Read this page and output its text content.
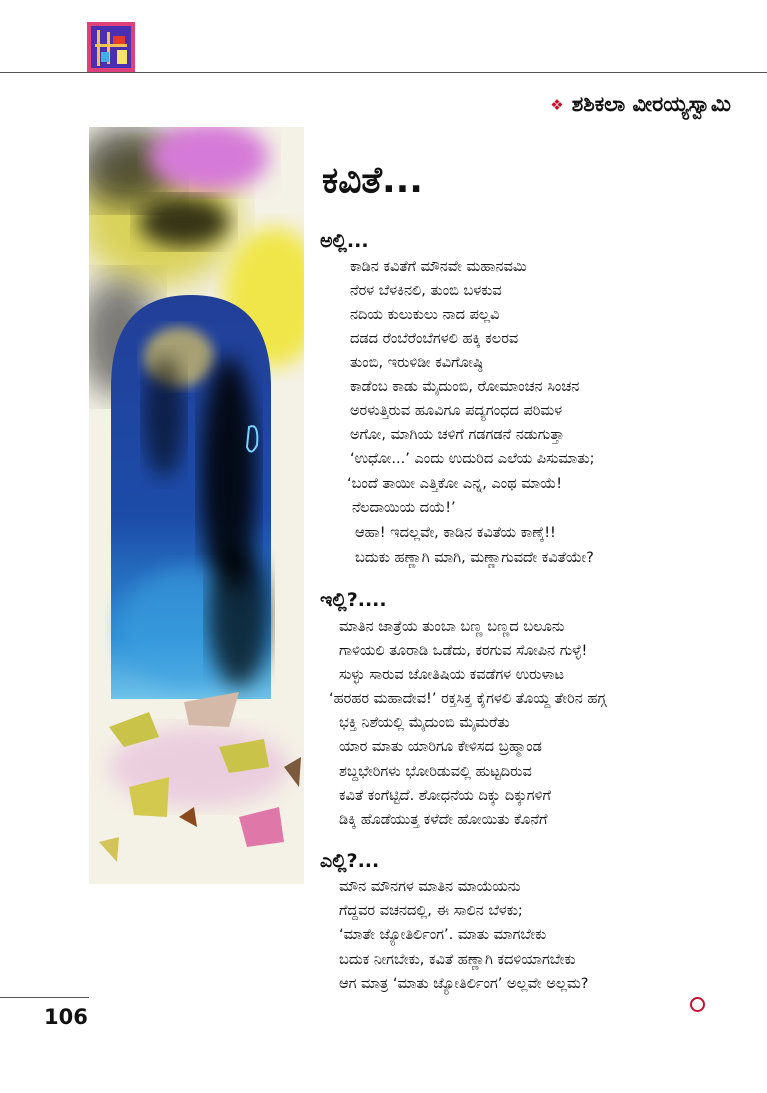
❖ ಶಶಿಕಲಾ ವೀರಯ್ಯಸ್ವಾಮಿ
ಕವಿತೆ...
ಅಲ್ಲಿ...
ಕಾಡಿನ ಕವಿತೆಗೆ ಮೌನವೇ ಮಹಾನವಮಿ
ನೆರಳ ಬೆಳಕಿನಲಿ, ತುಂಬಿ ಬಳಕುವ
ನದಿಯ ಕುಲುಕುಲು ನಾದ ಪಲ್ಲವಿ
ದಡದ ರೆಂಬೆರೆಂಬೆಗಳಲಿ ಹಕ್ಕಿ ಕಲರವ
ತುಂಬಿ, ಇರುಳಿಡೀ ಕವಿಗೋಷ್ಠಿ
ಕಾಡೆಂಬ ಕಾಡು ಮೈದುಂಬಿ, ರೋಮಾಂಚನ ಸಿಂಚನ
ಅರಳುತ್ತಿರುವ ಹೂವಿಗೂ ಪದ್ಯಗಂಧದ ಪರಿಮಳ
ಅಗೋ, ಮಾಗಿಯ ಚಳಿಗೆ ಗಡಗಡನೆ ನಡುಗುತ್ತಾ
‘ಉಧೋ...’ ಎಂದು ಉದುರಿದ ಎಲೆಯ ಪಿಸುಮಾತು;
‘ಬಂದೆ ತಾಯೀ ಎತ್ತಿಕೋ ಎನ್ನ, ಎಂಥ ಮಾಯೆ!
ನೆಲದಾಯಿಯ ದಯೆ!’
ಆಹಾ! ಇದಲ್ಲವೇ, ಕಾಡಿನ ಕವಿತೆಯ ಕಾಣ್ಕೆ!!
ಬದುಕು ಹಣ್ಣಾಗಿ ಮಾಗಿ, ಮಣ್ಣಾಗುವದೇ ಕವಿತೆಯೇ?
ಇಲ್ಲಿ?....
ಮಾತಿನ ಜಾತ್ರೆಯ ತುಂಬಾ ಬಣ್ಣ ಬಣ್ಣದ ಬಲೂನು
ಗಾಳಿಯಲಿ ತೂರಾಡಿ ಒಡೆದು, ಕರಗುವ ಸೋಪಿನ ಗುಳ್ಳೆ!
ಸುಳ್ಳು ಸಾರುವ ಜೋತಿಷಿಯ ಕವಡೆಗಳ ಉರುಳಾಟ
‘ಹರಹರ ಮಹಾದೇವ!’ ರಕ್ತಸಿಕ್ತ ಕೈಗಳಲಿ ತೊಯ್ದ ತೇರಿನ ಹಗ್ಗ
ಭಕ್ತಿ ನಿಶೆಯಲ್ಲಿ ಮೈದುಂಬಿ ಮೈಮರೆತು
ಯಾರ ಮಾತು ಯಾರಿಗೂ ಕೇಳಿಸದ ಬ್ರಹ್ಮಾಂಡ
ಶಬ್ದಭೇರಿಗಳು ಭೋರಿಡುವಲ್ಲಿ ಹುಟ್ಟದಿರುವ
ಕವಿತೆ ಕಂಗೆಟ್ಟಿದೆ. ಶೋಧನೆಯ ದಿಕ್ಕು ದಿಕ್ಕುಗಳಿಗೆ
ಡಿಕ್ಕಿ ಹೊಡೆಯುತ್ತ ಕಳೆದೇ ಹೋಯಿತು ಕೊನೆಗೆ
ಎಲ್ಲಿ?...
ಮೌನ ಮೌನಗಳ ಮಾತಿನ ಮಾಯೆಯನು
ಗೆದ್ದವರ ವಚನದಲ್ಲಿ, ಈ ಸಾಲಿನ ಬೆಳಕು;
‘ಮಾತೇ ಜ್ಯೋತಿರ್ಲಿಂಗ’. ಮಾತು ಮಾಗಬೇಕು
ಬದುಕ ನೀಗಬೇಕು, ಕವಿತೆ ಹಣ್ಣಾಗಿ ಕದಳಿಯಾಗಬೇಕು
ಆಗ ಮಾತ್ರ ‘ಮಾತು ಜ್ಯೋತಿರ್ಲಿಂಗ’ ಅಲ್ಲವೇ ಅಲ್ಲಮ?
106
